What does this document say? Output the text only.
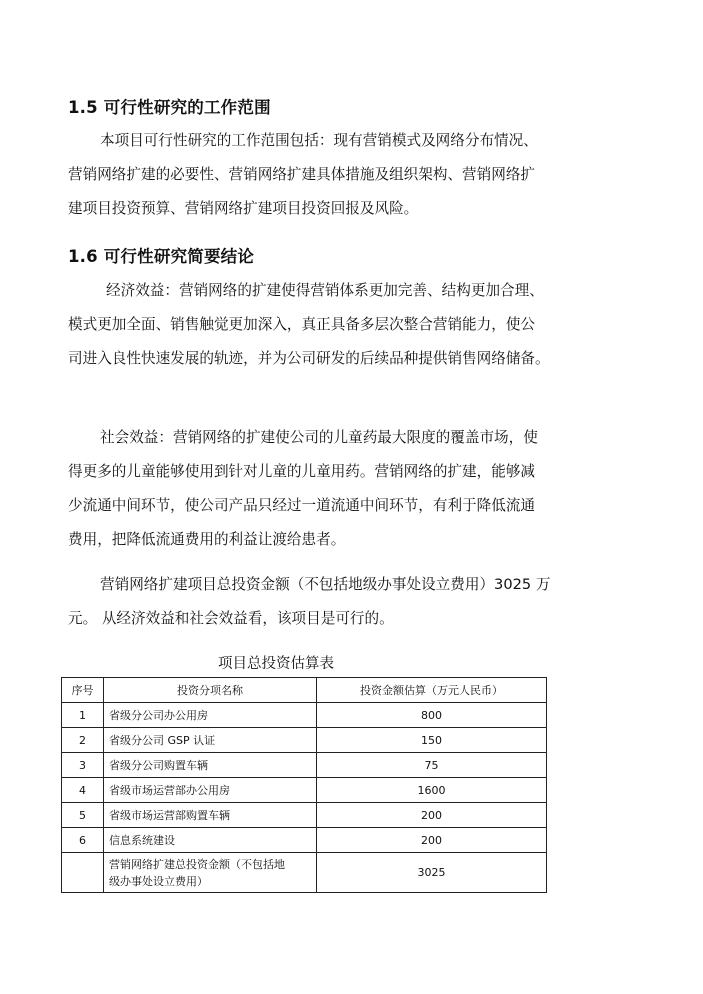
1.5 可行性研究的工作范围
本项目可行性研究的工作范围包括：现有营销模式及网络分布情况、
营销网络扩建的必要性、营销网络扩建具体措施及组织架构、营销网络扩
建项目投资预算、营销网络扩建项目投资回报及风险。
1.6 可行性研究简要结论
经济效益：营销网络的扩建使得营销体系更加完善、结构更加合理、
模式更加全面、销售触觉更加深入，真正具备多层次整合营销能力，使公
司进入良性快速发展的轨迹，并为公司研发的后续品种提供销售网络储备。
社会效益：营销网络的扩建使公司的儿童药最大限度的覆盖市场，使
得更多的儿童能够使用到针对儿童的儿童用药。营销网络的扩建，能够减
少流通中间环节，使公司产品只经过一道流通中间环节，有利于降低流通
费用，把降低流通费用的利益让渡给患者。
营销网络扩建项目总投资金额（不包括地级办事处设立费用）3025 万
元。 从经济效益和社会效益看，该项目是可行的。
项目总投资估算表
序号	投资分项名称	投资金额估算（万元人民币）
1	省级分公司办公用房	800
2	省级分公司 GSP 认证	150
3	省级分公司购置车辆	75
4	省级市场运营部办公用房	1600
5	省级市场运营部购置车辆	200
6	信息系统建设	200

	营销网络扩建总投资金额（不包括地
级办事处设立费用）	3025
